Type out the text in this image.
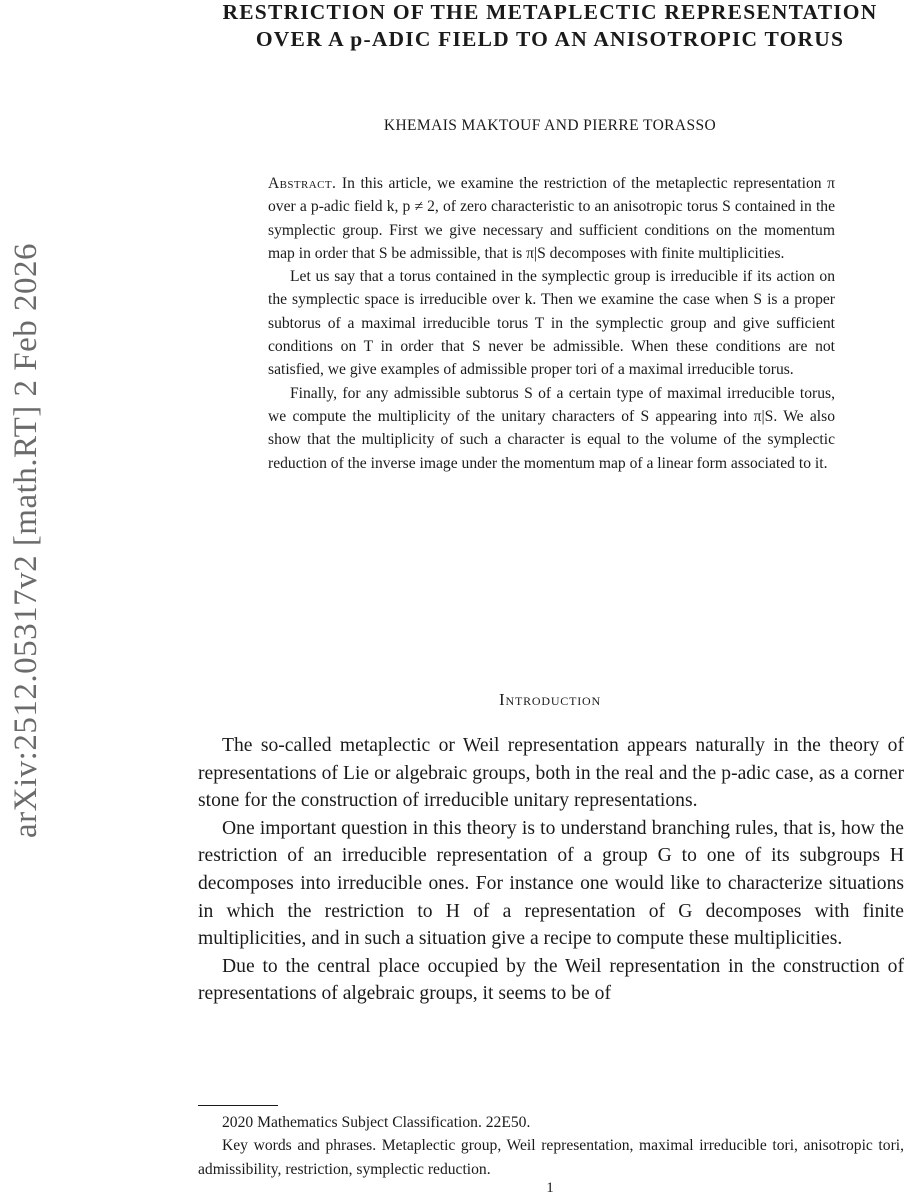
arXiv:2512.05317v2 [math.RT] 2 Feb 2026
RESTRICTION OF THE METAPLECTIC REPRESENTATION OVER A p-ADIC FIELD TO AN ANISOTROPIC TORUS
KHEMAIS MAKTOUF AND PIERRE TORASSO

Abstract. In this article, we examine the restriction of the metaplectic representation π over a p-adic field k, p ≠ 2, of zero characteristic to an anisotropic torus S contained in the symplectic group. First we give necessary and sufficient conditions on the momentum map in order that S be admissible, that is π|S decomposes with finite multiplicities.

Let us say that a torus contained in the symplectic group is irreducible if its action on the symplectic space is irreducible over k. Then we examine the case when S is a proper subtorus of a maximal irreducible torus T in the symplectic group and give sufficient conditions on T in order that S never be admissible. When these conditions are not satisfied, we give examples of admissible proper tori of a maximal irreducible torus.

Finally, for any admissible subtorus S of a certain type of maximal irreducible torus, we compute the multiplicity of the unitary characters of S appearing into π|S. We also show that the multiplicity of such a character is equal to the volume of the symplectic reduction of the inverse image under the momentum map of a linear form associated to it.

Introduction

The so-called metaplectic or Weil representation appears naturally in the theory of representations of Lie or algebraic groups, both in the real and the p-adic case, as a corner stone for the construction of irreducible unitary representations.

One important question in this theory is to understand branching rules, that is, how the restriction of an irreducible representation of a group G to one of its subgroups H decomposes into irreducible ones. For instance one would like to characterize situations in which the restriction to H of a representation of G decomposes with finite multiplicities, and in such a situation give a recipe to compute these multiplicities.

Due to the central place occupied by the Weil representation in the construction of representations of algebraic groups, it seems to be of

2020 Mathematics Subject Classification. 22E50.

Key words and phrases. Metaplectic group, Weil representation, maximal irreducible tori, anisotropic tori, admissibility, restriction, symplectic reduction.

1
